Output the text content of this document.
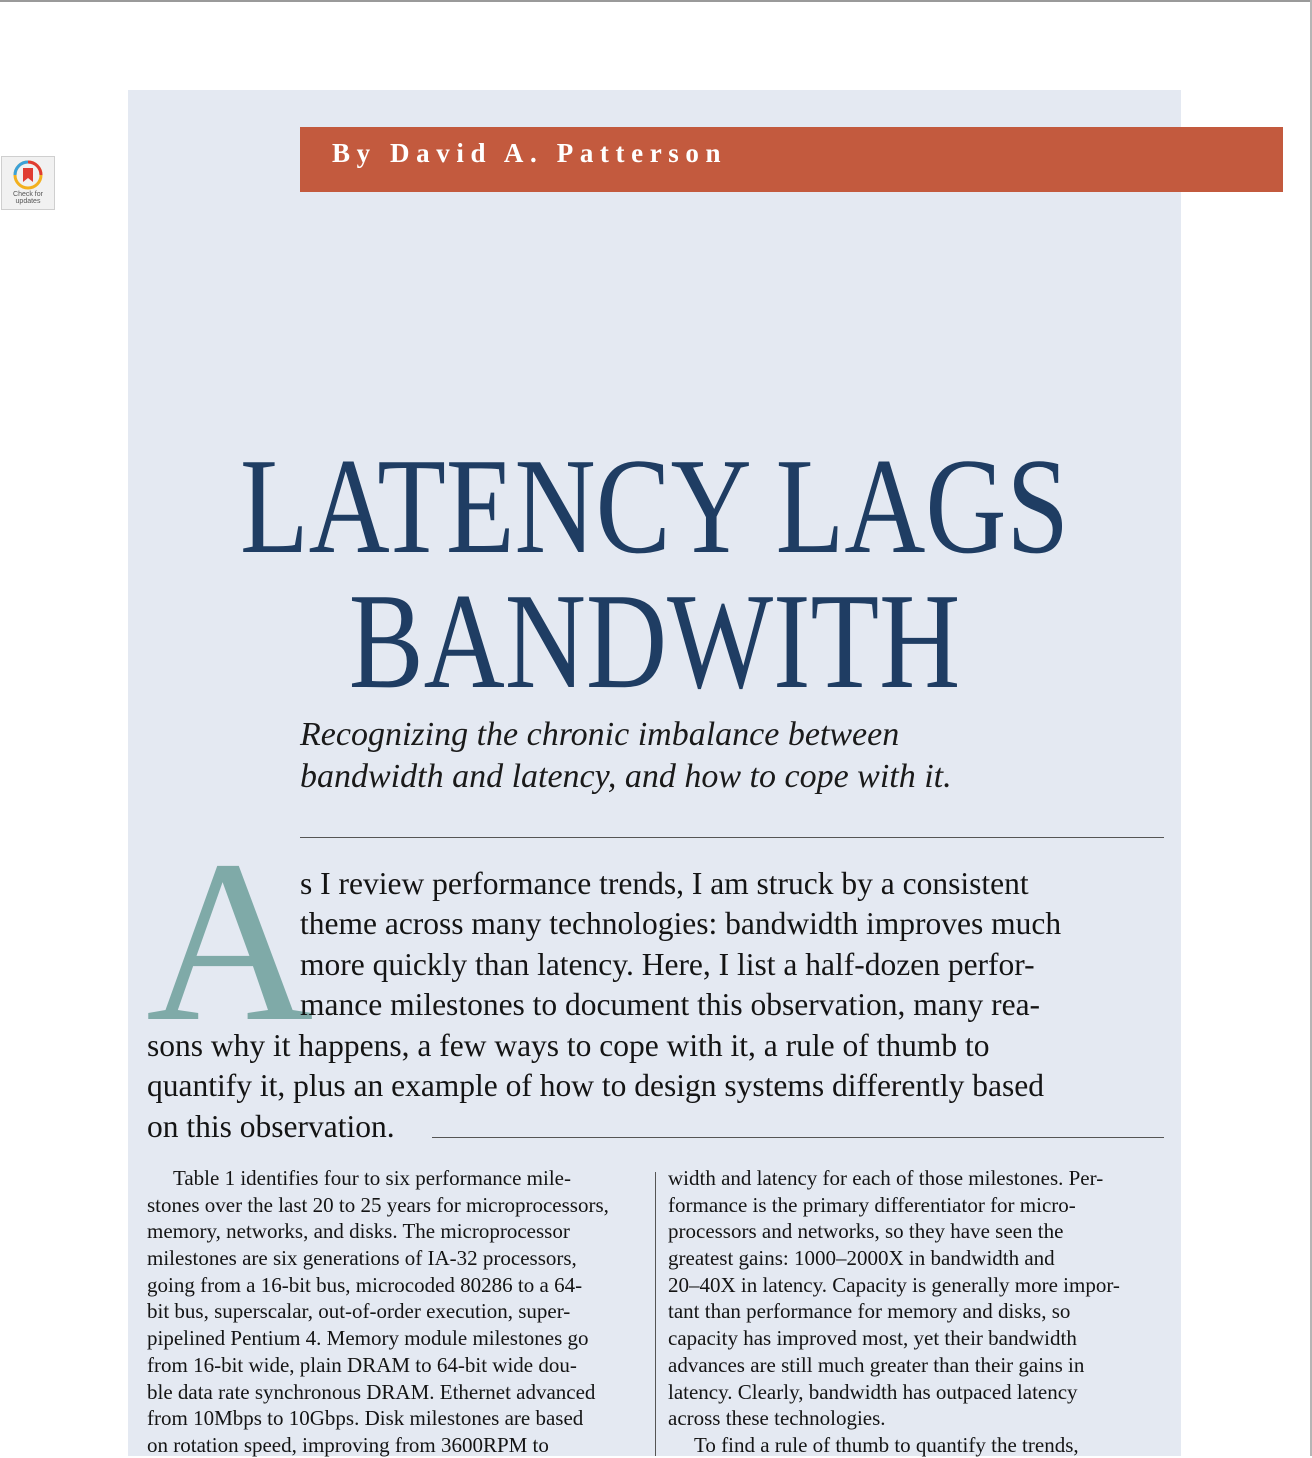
Check for updates
By David A. Patterson
LATENCY LAGS
BANDWITH
Recognizing the chronic imbalance between
bandwidth and latency, and how to cope with it.
A
s I review performance trends, I am struck by a consistent
theme across many technologies: bandwidth improves much
more quickly than latency. Here, I list a half-dozen perfor-
mance milestones to document this observation, many rea-
sons why it happens, a few ways to cope with it, a rule of thumb to
quantify it, plus an example of how to design systems differently based
on this observation.
Table 1 identifies four to six performance mile-
stones over the last 20 to 25 years for microprocessors,
memory, networks, and disks. The microprocessor
milestones are six generations of IA-32 processors,
going from a 16-bit bus, microcoded 80286 to a 64-
bit bus, superscalar, out-of-order execution, super-
pipelined Pentium 4. Memory module milestones go
from 16-bit wide, plain DRAM to 64-bit wide dou-
ble data rate synchronous DRAM. Ethernet advanced
from 10Mbps to 10Gbps. Disk milestones are based
on rotation speed, improving from 3600RPM to
width and latency for each of those milestones. Per-
formance is the primary differentiator for micro-
processors and networks, so they have seen the
greatest gains: 1000–2000X in bandwidth and
20–40X in latency. Capacity is generally more impor-
tant than performance for memory and disks, so
capacity has improved most, yet their bandwidth
advances are still much greater than their gains in
latency. Clearly, bandwidth has outpaced latency
across these technologies.
To find a rule of thumb to quantify the trends,
